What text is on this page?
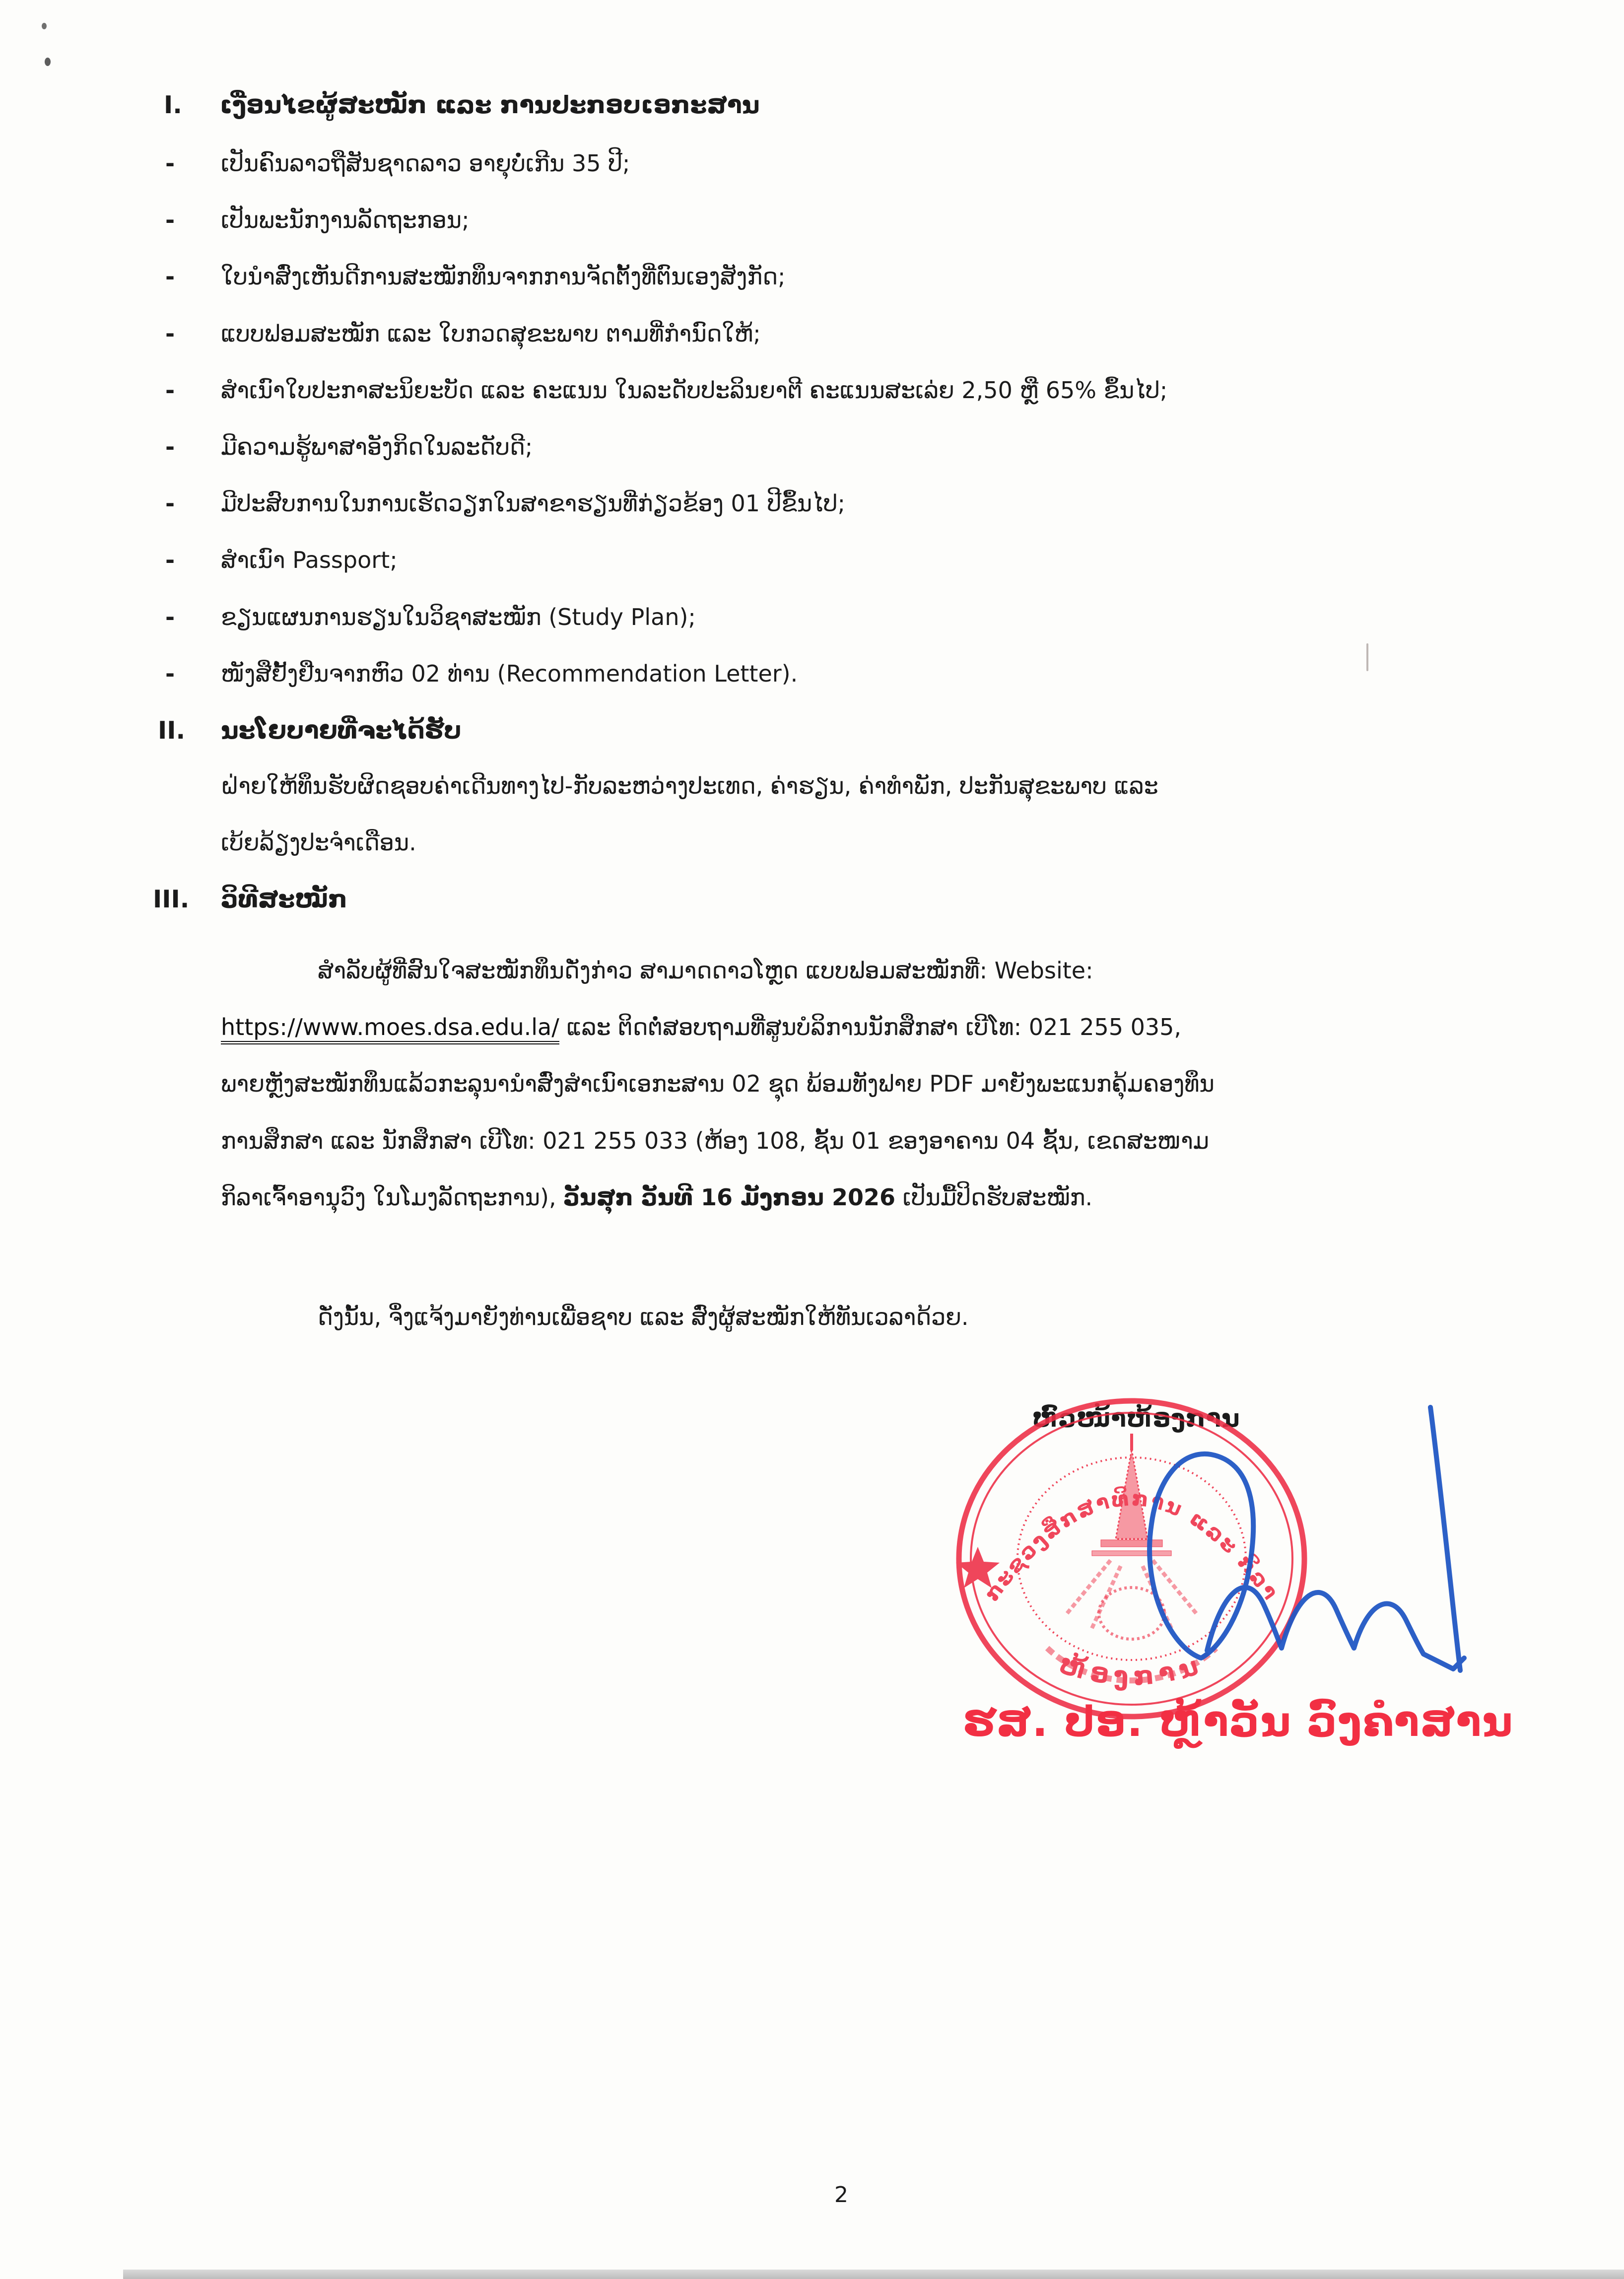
I. ເງື່ອນໄຂຜູ້ສະໝັກ ແລະ ການປະກອບເອກະສານ
- ເປັນຄົນລາວຖືສັນຊາດລາວ ອາຍຸບໍ່ເກີນ 35 ປີ;
- ເປັນພະນັກງານລັດຖະກອນ;
- ໃບນຳສົ່ງເຫັນດີການສະໝັກທຶນຈາກການຈັດຕັ້ງທີ່ຕົນເອງສັງກັດ;
- ແບບຟອມສະໝັກ ແລະ ໃບກວດສຸຂະພາບ ຕາມທີ່ກຳນົດໃຫ້;
- ສຳເນົາໃບປະກາສະນິຍະບັດ ແລະ ຄະແນນ ໃນລະດັບປະລິນຍາຕີ ຄະແນນສະເລ່ຍ 2,50 ຫຼື 65% ຂຶ້ນໄປ;
- ມີຄວາມຮູ້ພາສາອັງກິດໃນລະດັບດີ;
- ມີປະສົບການໃນການເຮັດວຽກໃນສາຂາຮຽນທີ່ກ່ຽວຂ້ອງ 01 ປີຂຶ້ນໄປ;
- ສຳເນົາ Passport;
- ຂຽນແຜນການຮຽນໃນວິຊາສະໝັກ (Study Plan);
- ໜັງສືຢັ້ງຢືນຈາກຫົວ 02 ທ່ານ (Recommendation Letter).
II. ນະໂຍບາຍທີ່ຈະໄດ້ຮັບ
ຝ່າຍໃຫ້ທຶນຮັບຜິດຊອບຄ່າເດີນທາງໄປ-ກັບລະຫວ່າງປະເທດ, ຄ່າຮຽນ, ຄ່າທຳພັກ, ປະກັນສຸຂະພາບ ແລະ
ເບ້ຍລ້ຽງປະຈຳເດືອນ.
III. ວິທີສະໝັກ
ສຳລັບຜູ້ທີ່ສົນໃຈສະໝັກທຶນດັ່ງກ່າວ ສາມາດດາວໂຫຼດ ແບບຟອມສະໝັກທີ່: Website:
https://www.moes.dsa.edu.la/ ແລະ ຕິດຕໍ່ສອບຖາມທີ່ສູນບໍລິການນັກສຶກສາ ເບີໂທ: 021 255 035,
ພາຍຫຼັງສະໝັກທຶນແລ້ວກະລຸນານຳສົ່ງສຳເນົາເອກະສານ 02 ຊຸດ ພ້ອມທັງຟາຍ PDF ມາຍັງພະແນກຄຸ້ມຄອງທຶນ
ການສຶກສາ ແລະ ນັກສຶກສາ ເບີໂທ: 021 255 033 (ຫ້ອງ 108, ຊັ້ນ 01 ຂອງອາຄານ 04 ຊັ້ນ, ເຂດສະໜາມ
ກິລາເຈົ້າອານຸວົງ ໃນໂມງລັດຖະການ), ວັນສຸກ ວັນທີ 16 ມັງກອນ 2026 ເປັນມື້ປິດຮັບສະໝັກ.
ດັ່ງນັ້ນ, ຈຶ່ງແຈ້ງມາຍັງທ່ານເພື່ອຊາບ ແລະ ສົ່ງຜູ້ສະໝັກໃຫ້ທັນເວລາດ້ວຍ.
ຫົວໜ້າຫ້ອງການ
ກະຊວງສຶກສາທິການ ແລະ ກິລາ
ຫ້ອງການ
ຮສ. ປອ. ຫຼ້າວັນ ວົງຄຳສານ
2
